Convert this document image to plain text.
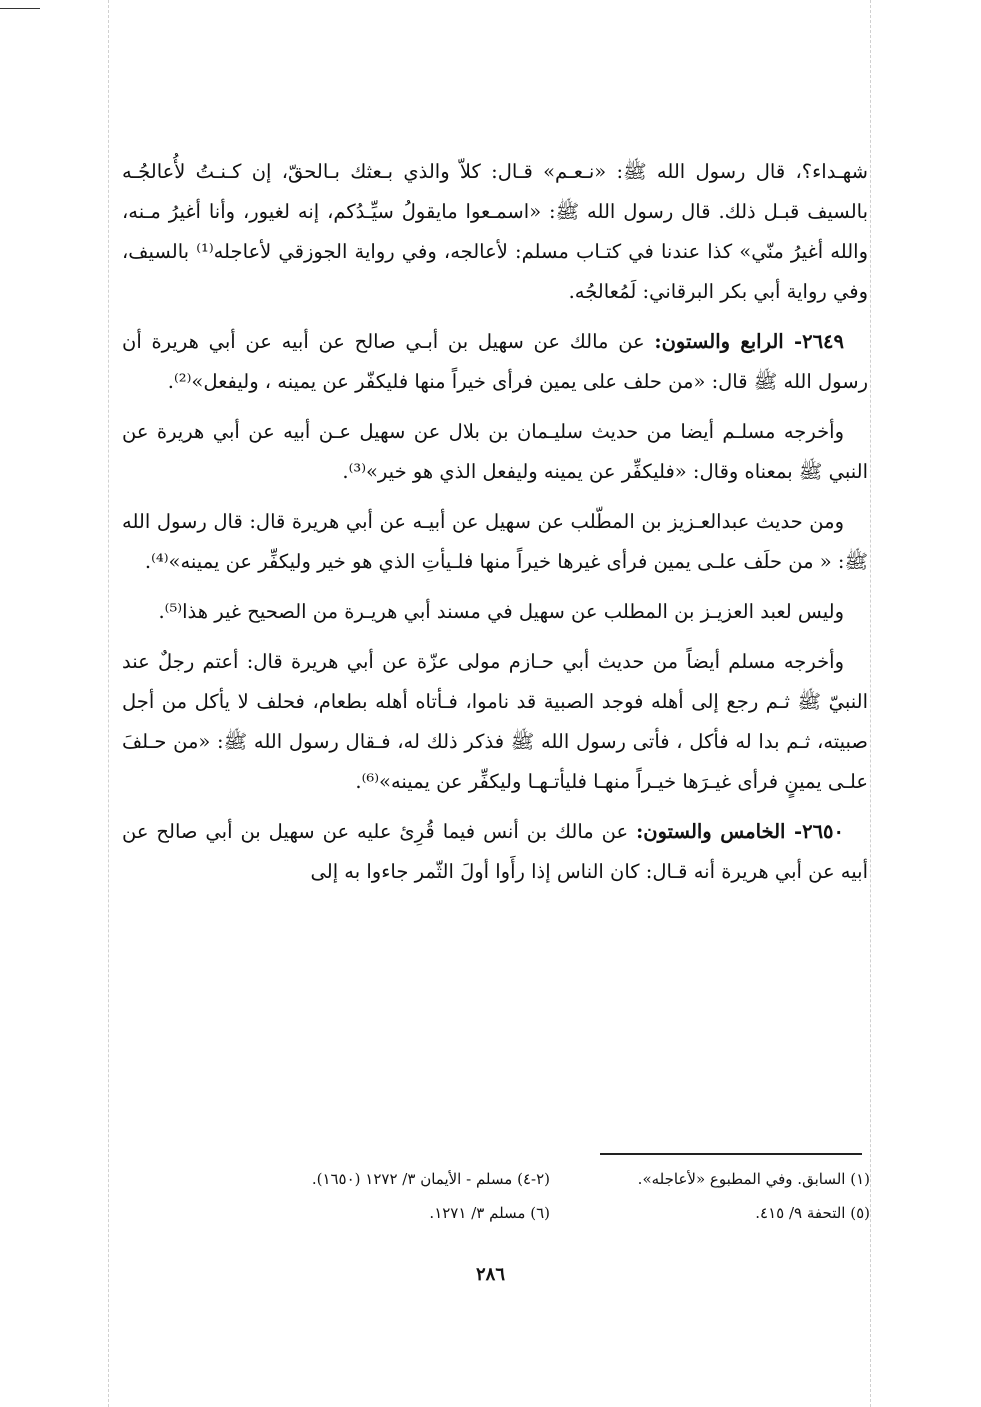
شهـداء؟، قال رسول الله ﷺ: «نـعـم» قـال: كلاّ والذي بـعثك بـالحقّ، إن كـنـتُ لأُعالجُـه بالسيف قبـل ذلك. قال رسول الله ﷺ: «اسمـعوا مايقولُ سيِّـدُكم، إنه لغيور، وأنا أغيرُ مـنه، والله أغيرُ منّي» كذا عندنا في كتـاب مسلم: لأعالجه، وفي رواية الجوزقي لأعاجله⁽¹⁾ بالسيف، وفي رواية أبي بكر البرقاني: لَمُعالجُه.

٢٦٤٩- الرابع والستون: عن مالك عن سهيل بن أبـي صالح عن أبيه عن أبي هريرة أن رسول الله ﷺ قال: «من حلف على يمين فرأى خيراً منها فليكفّر عن يمينه ، وليفعل»⁽²⁾.

وأخرجه مسلـم أيضا من حديث سليـمان بن بلال عن سهيل عـن أبيه عن أبي هريرة عن النبي ﷺ بمعناه وقال: «فليكفِّر عن يمينه وليفعل الذي هو خير»⁽³⁾.

ومن حديث عبدالعـزيز بن المطّلب عن سهيل عن أبيـه عن أبي هريرة قال: قال رسول الله ﷺ: « من حلَف علـى يمين فرأى غيرها خيراً منها فلـيأتِ الذي هو خير وليكفِّر عن يمينه»⁽⁴⁾.

وليس لعبد العزيـز بن المطلب عن سهيل في مسند أبي هريـرة من الصحيح غير هذا⁽⁵⁾.

وأخرجه مسلم أيضاً من حديث أبي حـازم مولى عزّة عن أبي هريرة قال: أعتم رجلٌ عند النبيّ ﷺ ثـم رجع إلى أهله فوجد الصبية قد ناموا، فـأتاه أهله بطعام، فحلف لا يأكل من أجل صبيته، ثـم بدا له فأكل ، فأتى رسول الله ﷺ فذكر ذلك له، فـقال رسول الله ﷺ: «من حـلفَ علـى يمينٍ فرأى غيـرَها خيـراً منهـا فليأتـهـا وليكفِّر عن يمينه»⁽⁶⁾.

٢٦٥٠- الخامس والستون: عن مالك بن أنس فيما قُرِئ عليه عن سهيل بن أبي صالح عن أبيه عن أبي هريرة أنه قـال: كان الناس إذا رأَوا أولَ الثّمر جاءوا به إلى

(١) السابق. وفي المطبوع «لأعاجله».
(٢-٤) مسلم - الأيمان ٣/ ١٢٧٢ (١٦٥٠).
(٥) التحفة ٩/ ٤١٥.
(٦) مسلم ٣/ ١٢٧١.
٢٨٦
